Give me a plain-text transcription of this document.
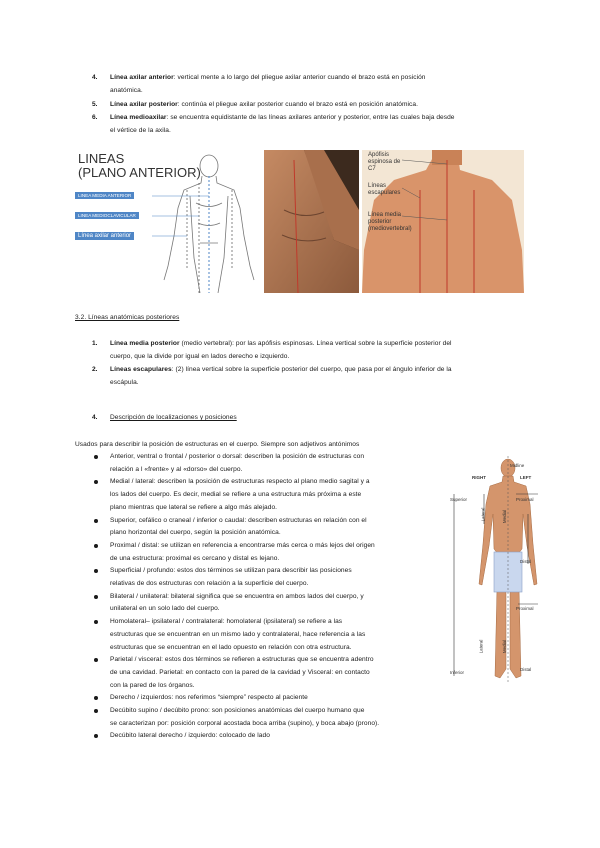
4. Línea axilar anterior: vertical mente a lo largo del pliegue axilar anterior cuando el brazo está en posición
anatómica.
5. Línea axilar posterior: continúa el pliegue axilar posterior cuando el brazo está en posición anatómica.
6. Línea medioaxilar: se encuentra equidistante de las líneas axilares anterior y posterior, entre las cuales baja desde
el vértice de la axila.
LINEAS
(PLANO ANTERIOR)
LINEA MEDIA ANTERIOR
LINEA MEDIOCLAVICULAR
Línea axilar anterior
Apófisis espinosa de C7
Líneas escapulares
Línea media posterior (mediovertebral)
3.2. Líneas anatómicas posteriores
1. Línea media posterior (medio vertebral): por las apófisis espinosas. Línea vertical sobre la superficie posterior del
cuerpo, que la divide por igual en lados derecho e izquierdo.
2. Líneas escapulares: (2) línea vertical sobre la superficie posterior del cuerpo, que pasa por el ángulo inferior de la
escápula.
4. Descripción de localizaciones y posiciones
Usados para describir la posición de estructuras en el cuerpo. Siempre son adjetivos antónimos
Anterior, ventral o frontal / posterior o dorsal: describen la posición de estructuras con
relación a l «frente» y al «dorso» del cuerpo.
Medial / lateral: describen la posición de estructuras respecto al plano medio sagital y a
los lados del cuerpo. Es decir, medial se refiere a una estructura más próxima a este
plano mientras que lateral se refiere a algo más alejado.
Superior, cefálico o craneal / inferior o caudal: describen estructuras en relación con el
plano horizontal del cuerpo, según la posición anatómica.
Proximal / distal: se utilizan en referencia a encontrarse más cerca o más lejos del origen
de una estructura: proximal es cercano y distal es lejano.
Superficial / profundo: estos dos términos se utilizan para describir las posiciones
relativas de dos estructuras con relación a la superficie del cuerpo.
Bilateral / unilateral: bilateral significa que se encuentra en ambos lados del cuerpo, y
unilateral en un solo lado del cuerpo.
Homolateral– ipsilateral / contralateral: homolateral (ipsilateral) se refiere a las
estructuras que se encuentran en un mismo lado y contralateral, hace referencia a las
estructuras que se encuentran en el lado opuesto en relación con otra estructura.
Parietal / visceral: estos dos términos se refieren a estructuras que se encuentra adentro
de una cavidad. Parietal: en contacto con la pared de la cavidad y Visceral: en contacto
con la pared de los órganos.
Derecho / izquierdos: nos referimos “siempre” respecto al paciente
Decúbito supino / decúbito prono: son posiciones anatómicas del cuerpo humano que
se caracterizan por: posición corporal acostada boca arriba (supino), y boca abajo (prono).
Decúbito lateral derecho / izquierdo: colocado de lado
RIGHT
Midline
LEFT
Superior
Lateral	Medial
Proximal
Distal
Proximal
Lateral	Medial
Inferior
Distal
